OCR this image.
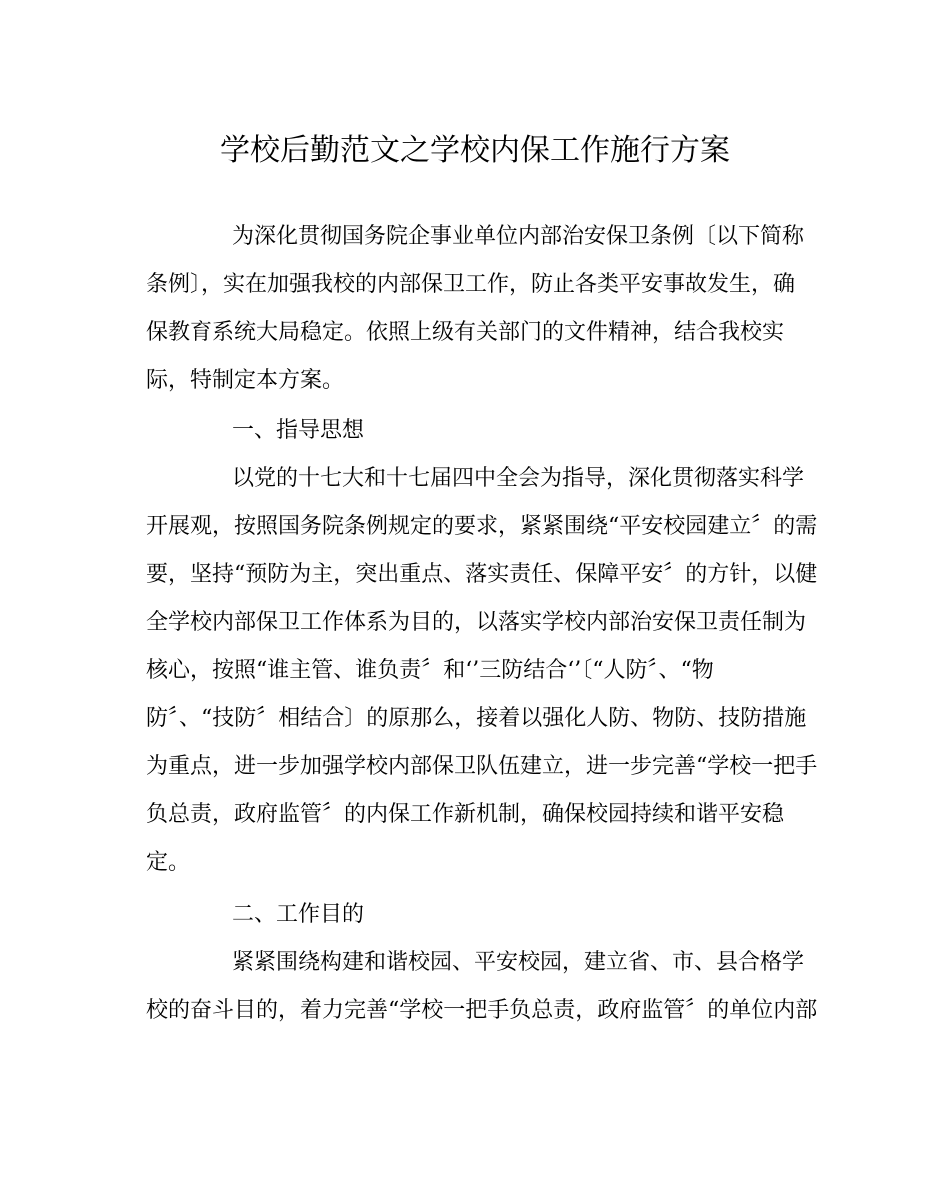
学校后勤范文之学校内保工作施行方案
为深化贯彻国务院企事业单位内部治安保卫条例〔以下简称
条例〕，实在加强我校的内部保卫工作，防止各类平安事故发生，确
保教育系统大局稳定。依照上级有关部门的文件精神，结合我校实
际，特制定本方案。
一、指导思想
以党的十七大和十七届四中全会为指导，深化贯彻落实科学
开展观，按照国务院条例规定的要求，紧紧围绕“平安校园建立〞的需
要，坚持“预防为主，突出重点、落实责任、保障平安〞的方针，以健
全学校内部保卫工作体系为目的，以落实学校内部治安保卫责任制为
核心，按照“谁主管、谁负责〞和‘’三防结合‘’〔“人防〞、“物
防〞、“技防〞相结合〕的原那么，接着以强化人防、物防、技防措施
为重点，进一步加强学校内部保卫队伍建立，进一步完善“学校一把手
负总责，政府监管〞的内保工作新机制，确保校园持续和谐平安稳
定。
二、工作目的
紧紧围绕构建和谐校园、平安校园，建立省、市、县合格学
校的奋斗目的，着力完善“学校一把手负总责，政府监管〞的单位内部
